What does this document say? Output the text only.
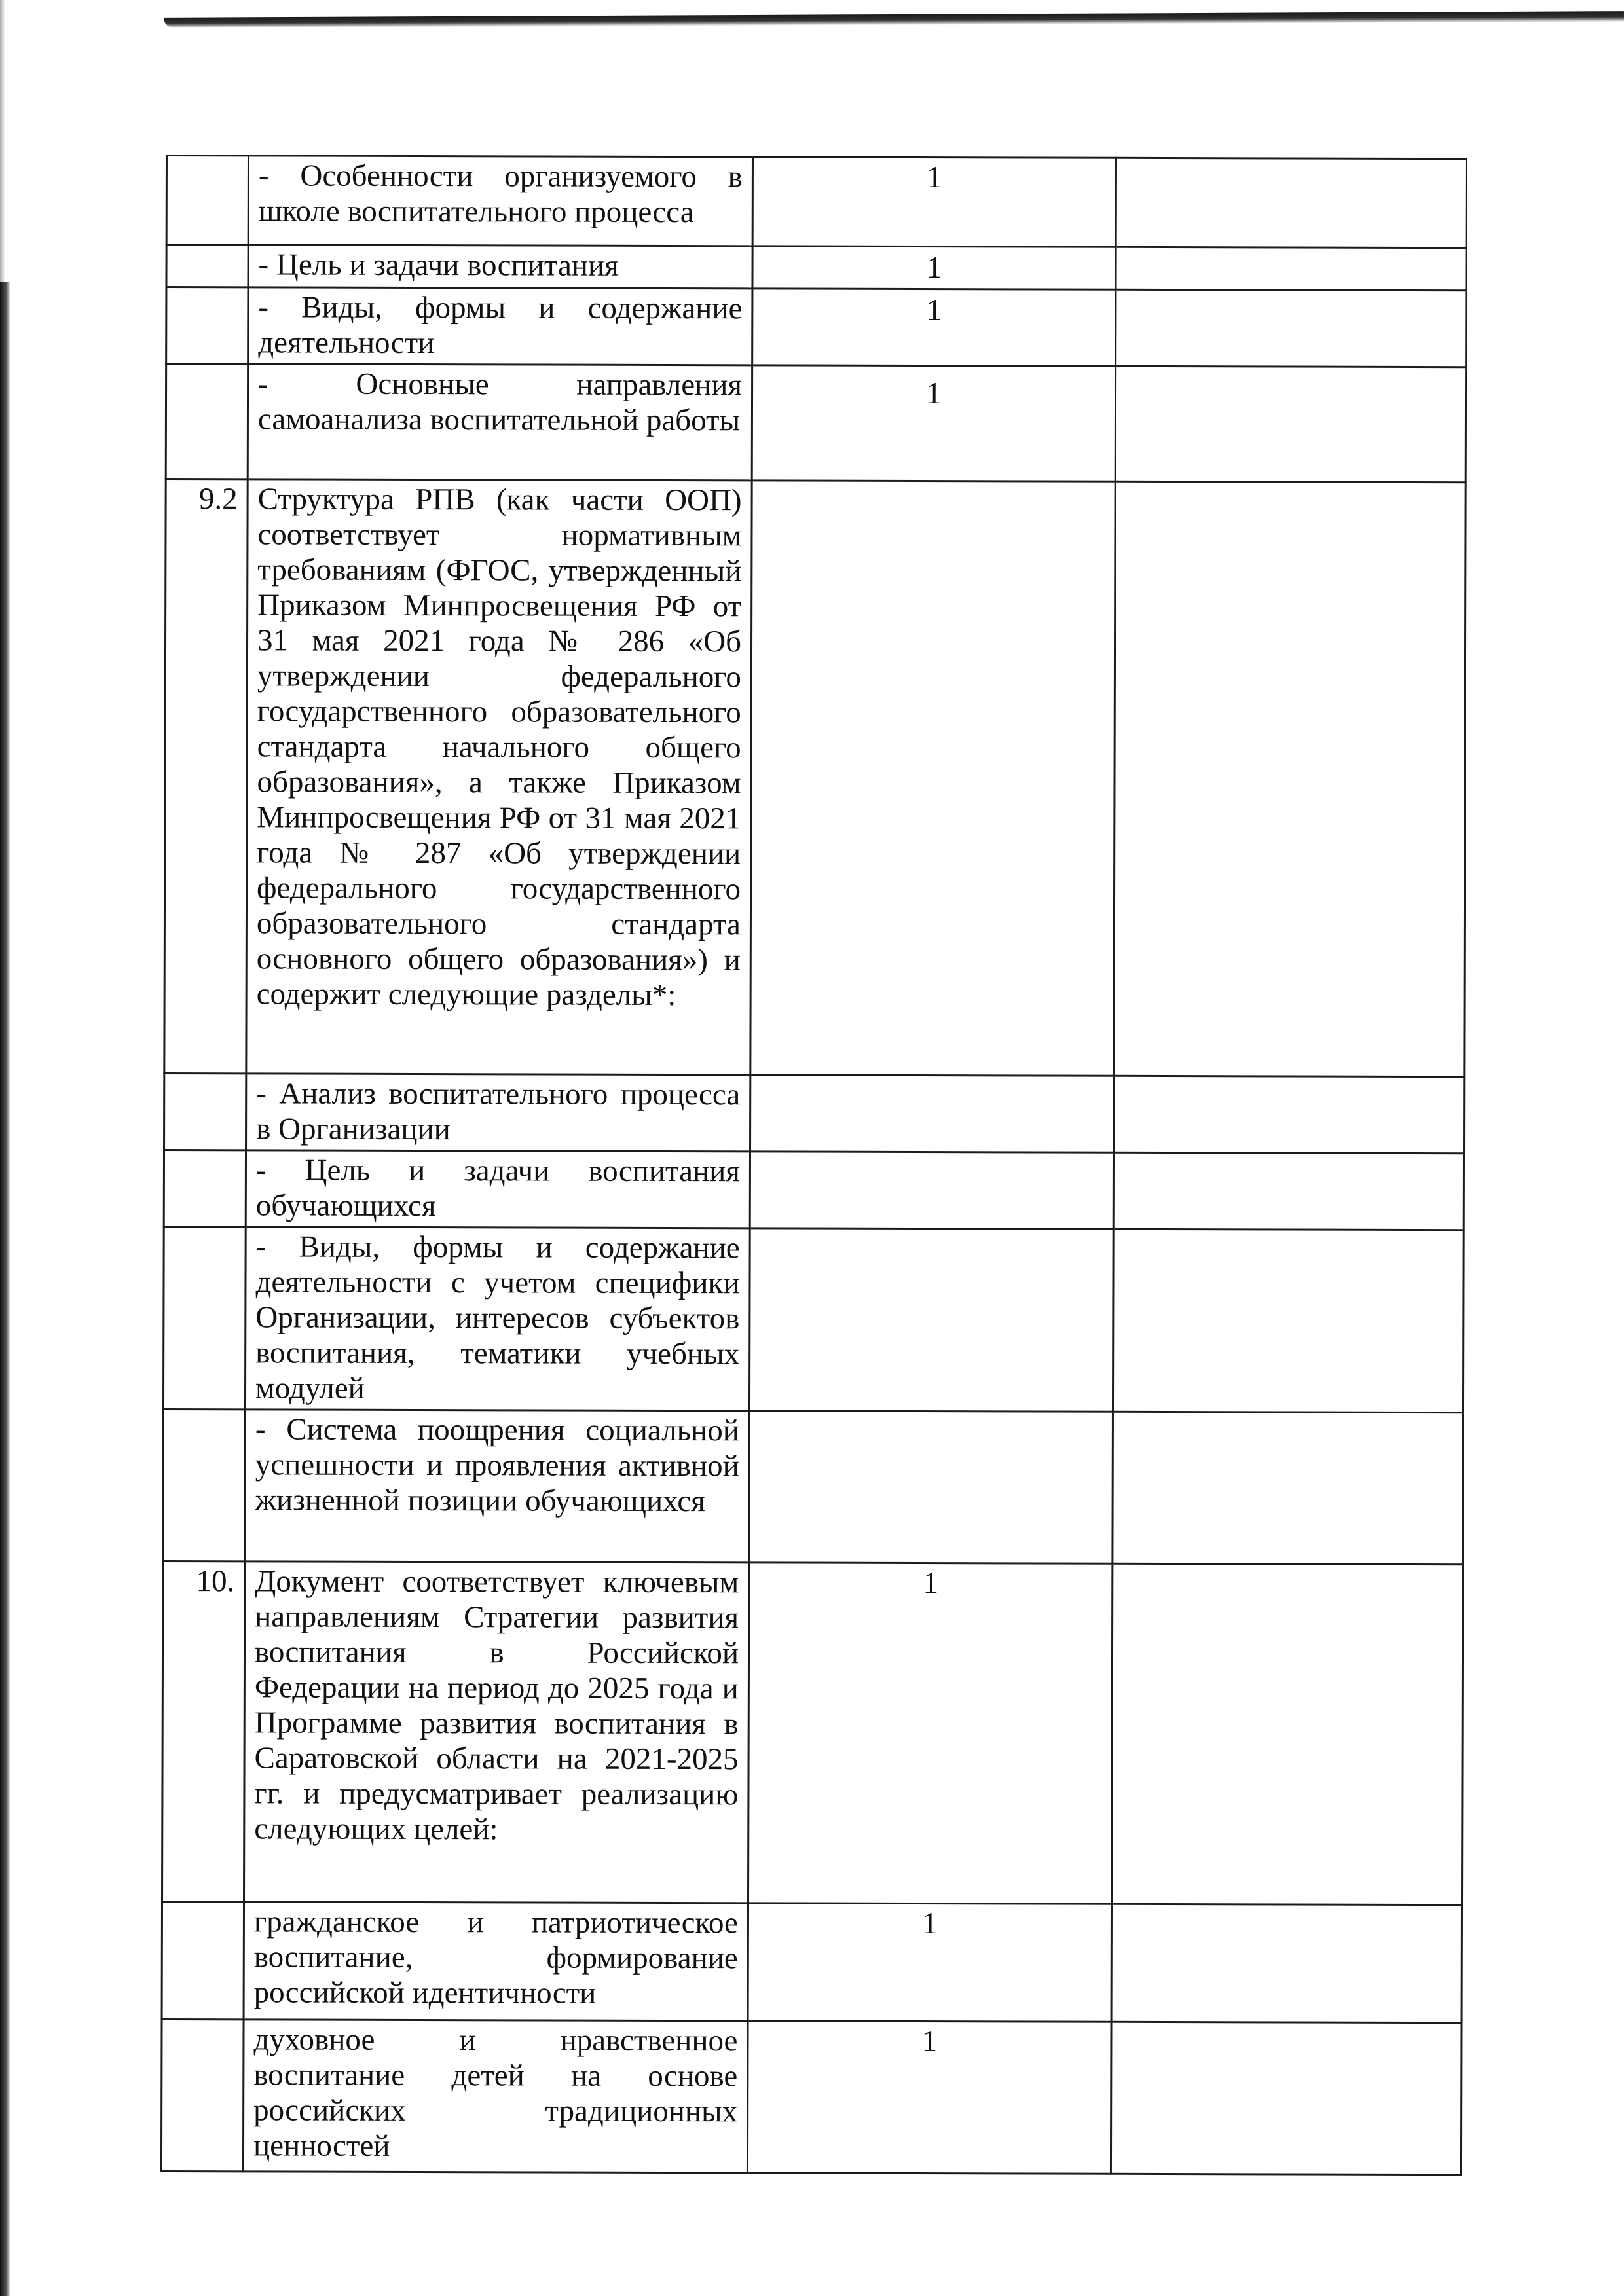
	- Особенности организуемого в школе воспитательного процесса	1	

	- Цель и задачи воспитания	1	

	- Виды, формы и содержание деятельности	1	

	- Основные направления самоанализа воспитательной работы	1	

9.2	Структура РПВ (как части ООП) соответствует нормативным требованиям (ФГОС, утвержденный Приказом Минпросвещения РФ от 31 мая 2021 года № 286 «Об утверждении федерального государственного образовательного стандарта начального общего образования», а также Приказом Минпросвещения РФ от 31 мая 2021 года № 287 «Об утверждении федерального государственного образовательного стандарта основного общего образования») и содержит следующие разделы*:		

	- Анализ воспитательного процесса в Организации		

	- Цель и задачи воспитания обучающихся		

	- Виды, формы и содержание деятельности с учетом специфики Организации, интересов субъектов воспитания, тематики учебных модулей		

	- Система поощрения социальной успешности и проявления активной жизненной позиции обучающихся		

10.	Документ соответствует ключевым направлениям Стратегии развития воспитания в Российской Федерации на период до 2025 года и Программе развития воспитания в Саратовской области на 2021-2025 гг. и предусматривает реализацию следующих целей:	1	

	гражданское и патриотическое воспитание, формирование российской идентичности	1	

	духовное и нравственное воспитание детей на основе российских традиционных ценностей	1	
